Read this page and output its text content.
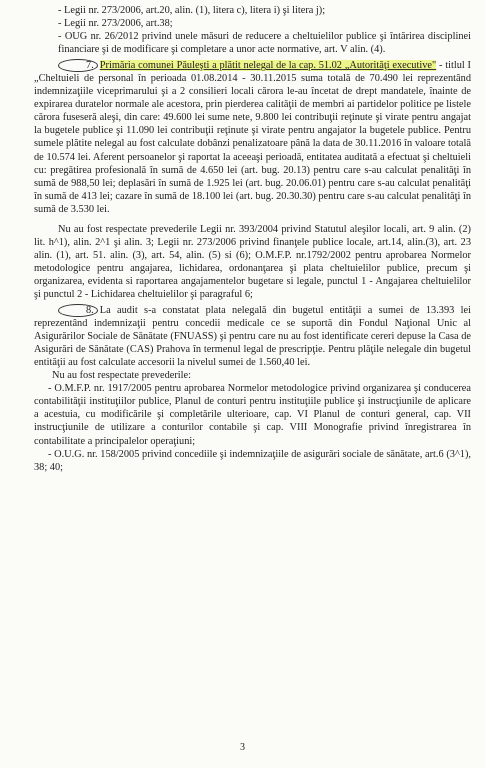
- Legii nr. 273/2006, art.20, alin. (1), litera c), litera i) şi litera j);

- Legii nr. 273/2006, art.38;

- OUG nr. 26/2012 privind unele măsuri de reducere a cheltuielilor publice şi întărirea disciplinei financiare şi de modificare şi completare a unor acte normative, art. V alin. (4).

7. Primăria comunei Păuleşti a plătit nelegal de la cap. 51.02 „Autorităţi executive" - titlul I „Cheltuieli de personal în perioada 01.08.2014 - 30.11.2015 suma totală de 70.490 lei reprezentând indemnizaţiile viceprimarului şi a 2 consilieri locali cărora le-au încetat de drept mandatele, înainte de expirarea duratelor normale ale acestora, prin pierderea calităţii de membri ai partidelor politice pe listele cărora fuseseră aleşi, din care: 49.600 lei sume nete, 9.800 lei contribuţii reţinute şi virate pentru angajat la bugetele publice şi 11.090 lei contribuţii reţinute şi virate pentru angajator la bugetele publice. Pentru sumele plătite nelegal au fost calculate dobânzi penalizatoare până la data de 30.11.2016 în valoare totală de 10.574 lei. Aferent persoanelor şi raportat la aceeaşi perioadă, entitatea auditată a efectuat şi cheltuieli cu: pregătirea profesională în sumă de 4.650 lei (art. bug. 20.13) pentru care s-au calculat penalităţi în sumă de 988,50 lei; deplasări în sumă de 1.925 lei (art. bug. 20.06.01) pentru care s-au calculat penalităţi în sumă de 413 lei; cazare în sumă de 18.100 lei (art. bug. 20.30.30) pentru care s-au calculat penalităţi în sumă de 3.530 lei.

Nu au fost respectate prevederile Legii nr. 393/2004 privind Statutul aleşilor locali, art. 9 alin. (2) lit. h^1), alin. 2^1 şi alin. 3; Legii nr. 273/2006 privind finanţele publice locale, art.14, alin.(3), art. 23 alin. (1), art. 51. alin. (3), art. 54, alin. (5) si (6); O.M.F.P. nr.1792/2002 pentru aprobarea Normelor metodologice pentru angajarea, lichidarea, ordonanţarea şi plata cheltuielilor publice, precum şi organizarea, evidenta si raportarea angajamentelor bugetare si legale, punctul 1 - Angajarea cheltuielilor şi punctul 2 - Lichidarea cheltuielilor şi paragraful 6;

8. La audit s-a constatat plata nelegală din bugetul entităţii a sumei de 13.393 lei reprezentând indemnizaţii pentru concedii medicale ce se suportă din Fondul Naţional Unic al Asigurărilor Sociale de Sănătate (FNUASS) şi pentru care nu au fost identificate cereri depuse la Casa de Asigurări de Sănătate (CAS) Prahova în termenul legal de prescripţie. Pentru plăţile nelegale din bugetul entităţii au fost calculate accesorii la nivelul sumei de 1.560,40 lei.

Nu au fost respectate prevederile:

- O.M.F.P. nr. 1917/2005 pentru aprobarea Normelor metodologice privind organizarea şi conducerea contabilităţii instituţiilor publice, Planul de conturi pentru instituţiile publice şi instrucţiunile de aplicare a acestuia, cu modificările şi completările ulterioare, cap. VI Planul de conturi general, cap. VII instrucţiunile de utilizare a conturilor contabile şi cap. VIII Monografie privind înregistrarea în contabilitate a principalelor operaţiuni;

- O.U.G. nr. 158/2005 privind concediile şi indemnizaţiile de asigurări sociale de sănătate, art.6 (3^1), 38; 40;

3
